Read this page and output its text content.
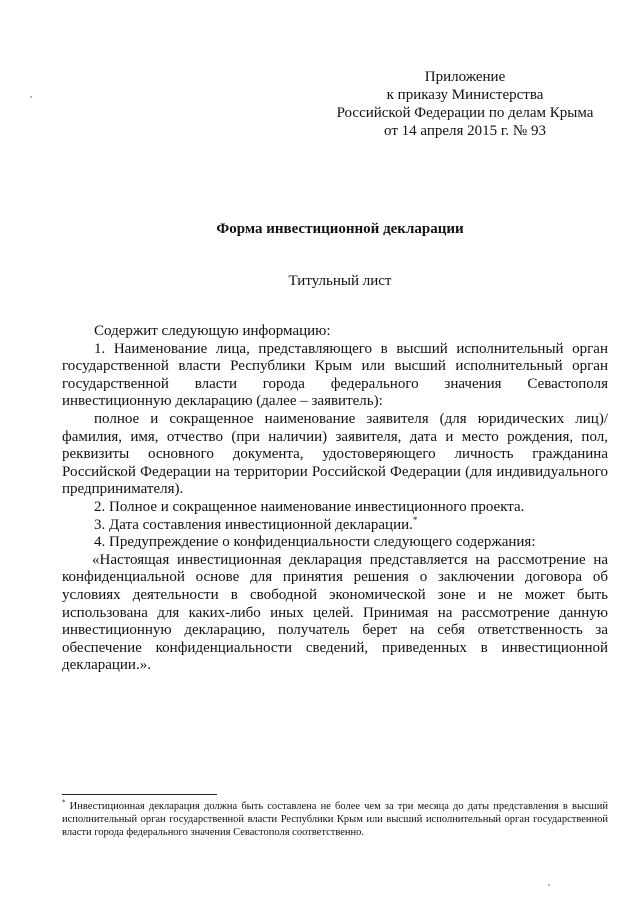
Приложение
к приказу Министерства
Российской Федерации по делам Крыма
от 14 апреля 2015 г. № 93
Форма инвестиционной декларации
Титульный лист

Содержит следующую информацию:

1. Наименование лица, представляющего в высший исполнительный орган государственной власти Республики Крым или высший исполнительный орган государственной власти города федерального значения Севастополя инвестиционную декларацию (далее – заявитель):

полное и сокращенное наименование заявителя (для юридических лиц)/ фамилия, имя, отчество (при наличии) заявителя, дата и место рождения, пол, реквизиты основного документа, удостоверяющего личность гражданина Российской Федерации на территории Российской Федерации (для индивидуального предпринимателя).

2. Полное и сокращенное наименование инвестиционного проекта.

3. Дата составления инвестиционной декларации.*

4. Предупреждение о конфиденциальности следующего содержания:

«Настоящая инвестиционная декларация представляется на рассмотрение на конфиденциальной основе для принятия решения о заключении договора об условиях деятельности в свободной экономической зоне и не может быть использована для каких-либо иных целей. Принимая на рассмотрение данную инвестиционную декларацию, получатель берет на себя ответственность за обеспечение конфиденциальности сведений, приведенных в инвестиционной декларации.».

* Инвестиционная декларация должна быть составлена не более чем за три месяца до даты представления в высший исполнительный орган государственной власти Республики Крым или высший исполнительный орган государственной власти города федерального значения Севастополя соответственно.
